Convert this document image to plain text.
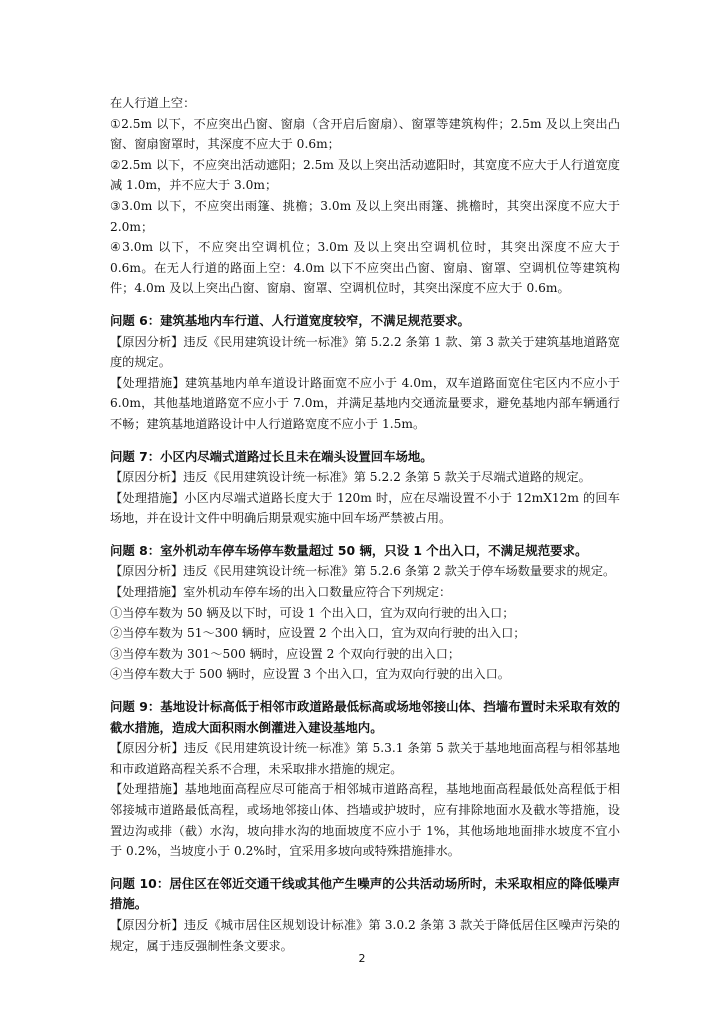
在人行道上空：

①2.5m 以下，不应突出凸窗、窗扇（含开启后窗扇）、窗罩等建筑构件；2.5m 及以上突出凸窗、窗扇窗罩时，其深度不应大于 0.6m；

②2.5m 以下，不应突出活动遮阳；2.5m 及以上突出活动遮阳时，其宽度不应大于人行道宽度减 1.0m，并不应大于 3.0m；

③3.0m 以下，不应突出雨篷、挑檐；3.0m 及以上突出雨篷、挑檐时，其突出深度不应大于 2.0m；

④3.0m 以下，不应突出空调机位；3.0m 及以上突出空调机位时，其突出深度不应大于 0.6m。在无人行道的路面上空：4.0m 以下不应突出凸窗、窗扇、窗罩、空调机位等建筑构件；4.0m 及以上突出凸窗、窗扇、窗罩、空调机位时，其突出深度不应大于 0.6m。

问题 6：建筑基地内车行道、人行道宽度较窄，不满足规范要求。

【原因分析】违反《民用建筑设计统一标准》第 5.2.2 条第 1 款、第 3 款关于建筑基地道路宽度的规定。

【处理措施】建筑基地内单车道设计路面宽不应小于 4.0m，双车道路面宽住宅区内不应小于 6.0m，其他基地道路宽不应小于 7.0m，并满足基地内交通流量要求，避免基地内部车辆通行不畅；建筑基地道路设计中人行道路宽度不应小于 1.5m。

问题 7：小区内尽端式道路过长且未在端头设置回车场地。

【原因分析】违反《民用建筑设计统一标准》第 5.2.2 条第 5 款关于尽端式道路的规定。

【处理措施】小区内尽端式道路长度大于 120m 时，应在尽端设置不小于 12mX12m 的回车场地，并在设计文件中明确后期景观实施中回车场严禁被占用。

问题 8：室外机动车停车场停车数量超过 50 辆，只设 1 个出入口，不满足规范要求。

【原因分析】违反《民用建筑设计统一标准》第 5.2.6 条第 2 款关于停车场数量要求的规定。

【处理措施】室外机动车停车场的出入口数量应符合下列规定：

①当停车数为 50 辆及以下时，可设 1 个出入口，宜为双向行驶的出入口；

②当停车数为 51～300 辆时，应设置 2 个出入口，宜为双向行驶的出入口；

③当停车数为 301～500 辆时，应设置 2 个双向行驶的出入口；

④当停车数大于 500 辆时，应设置 3 个出入口，宜为双向行驶的出入口。

问题 9：基地设计标高低于相邻市政道路最低标高或场地邻接山体、挡墙布置时未采取有效的截水措施，造成大面积雨水倒灌进入建设基地内。

【原因分析】违反《民用建筑设计统一标准》第 5.3.1 条第 5 款关于基地地面高程与相邻基地和市政道路高程关系不合理，未采取排水措施的规定。

【处理措施】基地地面高程应尽可能高于相邻城市道路高程，基地地面高程最低处高程低于相邻接城市道路最低高程，或场地邻接山体、挡墙或护坡时，应有排除地面水及截水等措施，设置边沟或排（截）水沟，坡向排水沟的地面坡度不应小于 1%，其他场地地面排水坡度不宜小于 0.2%，当坡度小于 0.2%时，宜采用多坡向或特殊措施排水。

问题 10：居住区在邻近交通干线或其他产生噪声的公共活动场所时，未采取相应的降低噪声措施。

【原因分析】违反《城市居住区规划设计标准》第 3.0.2 条第 3 款关于降低居住区噪声污染的规定，属于违反强制性条文要求。

2
